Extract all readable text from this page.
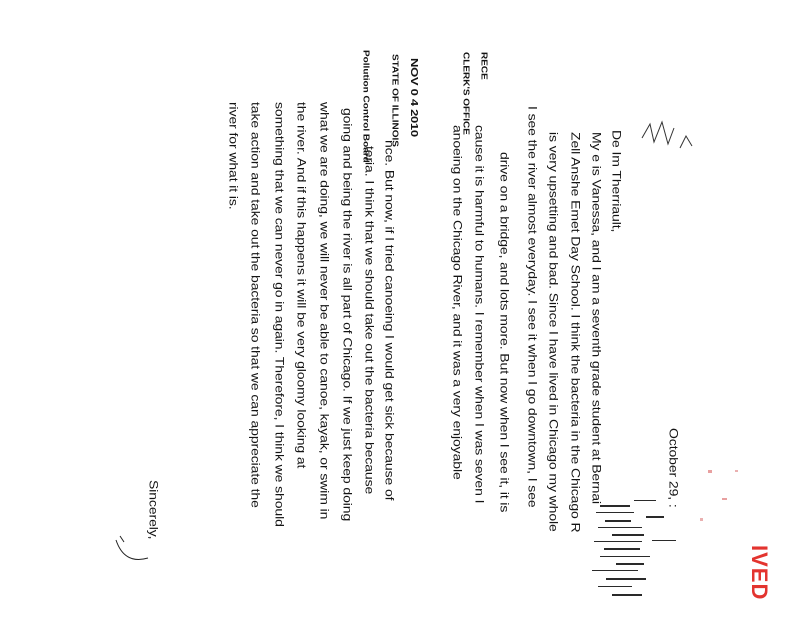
October 29, :
De Im Therriault,
My e is Vanessa, and I am a seventh grade student at Bernai
Zell Anshe Emet Day School. I think the bacteria in the Chicago R
is very upsetting and bad. Since I have lived in Chicago my whole
I see the river almost everyday. I see it when I go downtown, I see
drive on a bridge, and lots more. But now when I see it, it is
cause it is harmful to humans. I remember when I was seven I
anoeing on the Chicago River, and it was a very enjoyable
nce. But now, if I tried canoeing I would get sick because of
teria. I think that we should take out the bacteria because
going and being the river is all part of Chicago. If we just keep doing
what we are doing, we will never be able to canoe, kayak, or swim in
the river. And if this happens it will be very gloomy looking at
something that we can never go in again. Therefore, I think we should
take action and take out the bacteria so that we can appreciate the
river for what it is.
Sincerely,
RECE
CLERK'S OFFICE
NOV 0 4 2010
STATE OF ILLINOIS
Pollution Control Board
IVED
